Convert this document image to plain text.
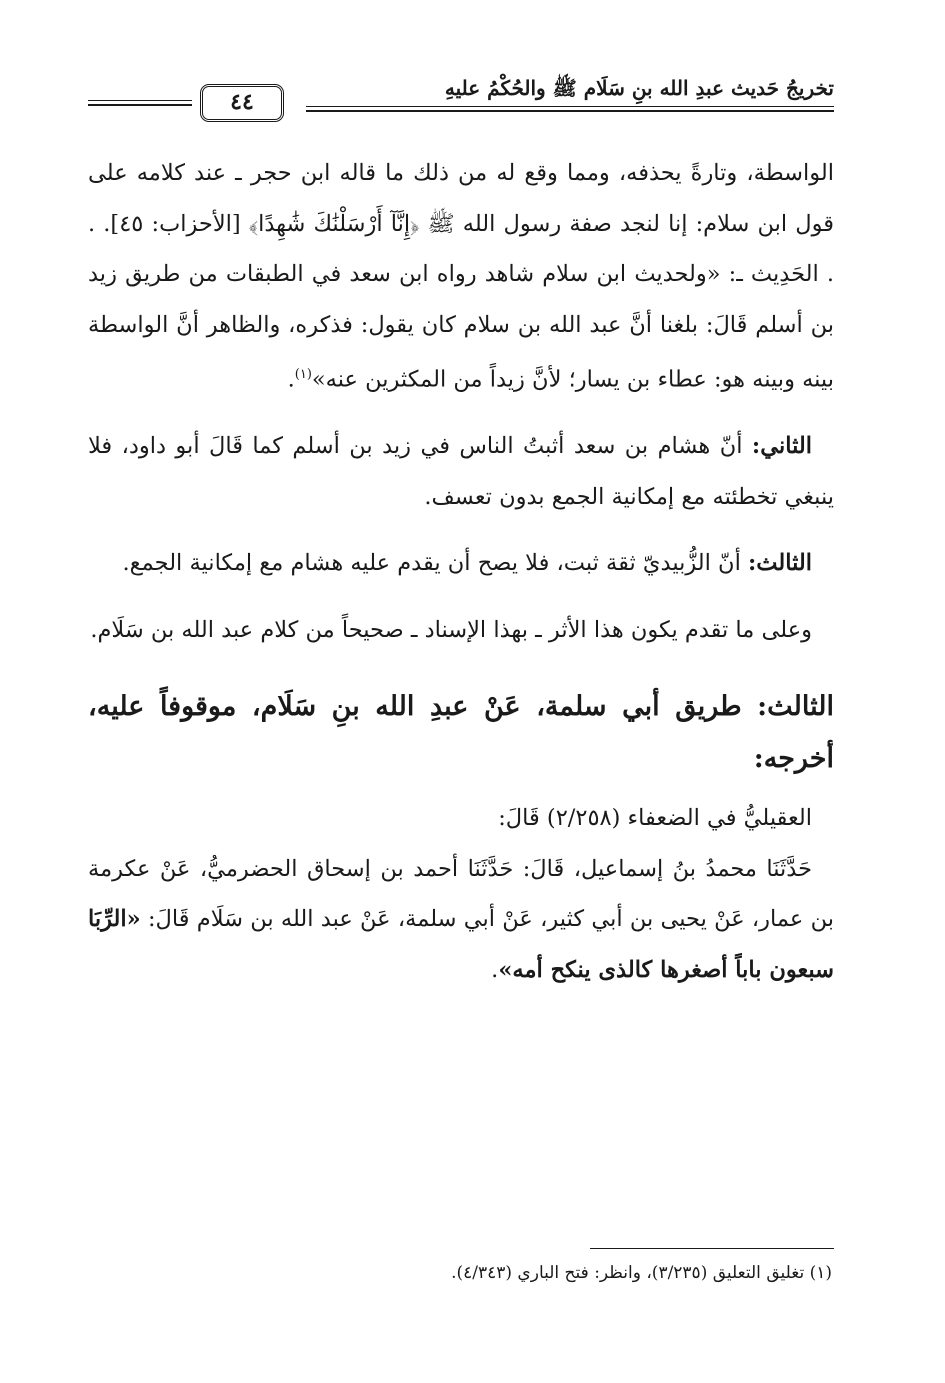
تخريجُ حَديث عبدِ الله بنِ سَلَام ﷺ والحُكْمُ عليهِ
٤٤

الواسطة، وتارةً يحذفه، ومما وقع له من ذلك ما قاله ابن حجر ـ عند كلامه على قول ابن سلام: إنا لنجد صفة رسول الله ﷺ ﴿إِنَّآ أَرْسَلْنَٰكَ شَٰهِدًا﴾ [الأحزاب: ٤٥]. . . الحَدِيث ـ: «ولحديث ابن سلام شاهد رواه ابن سعد في الطبقات من طريق زيد بن أسلم قَالَ: بلغنا أنَّ عبد الله بن سلام كان يقول: فذكره، والظاهر أنَّ الواسطة بينه وبينه هو: عطاء بن يسار؛ لأنَّ زيداً من المكثرين عنه»$^{(١)}$.

الثاني: أنّ هشام بن سعد أثبتُ الناس في زيد بن أسلم كما قَالَ أبو داود، فلا ينبغي تخطئته مع إمكانية الجمع بدون تعسف.

الثالث: أنّ الزُّبيديّ ثقة ثبت، فلا يصح أن يقدم عليه هشام مع إمكانية الجمع.

وعلى ما تقدم يكون هذا الأثر ـ بهذا الإسناد ـ صحيحاً من كلام عبد الله بن سَلَام.

الثالث: طريق أبي سلمة، عَنْ عبدِ الله بنِ سَلَام، موقوفاً عليه، أخرجه:

العقيليُّ في الضعفاء (٢/٢٥٨) قَالَ:

حَدَّثَنَا محمدُ بنُ إسماعيل، قَالَ: حَدَّثَنَا أحمد بن إسحاق الحضرميُّ، عَنْ عكرمة بن عمار، عَنْ يحيى بن أبي كثير، عَنْ أبي سلمة، عَنْ عبد الله بن سَلَام قَالَ: «الرِّبَا سبعون باباً أصغرها كالذى ينكح أمه».

(١) تغليق التعليق (٣/٢٣٥)، وانظر: فتح الباري (٤/٣٤٣).
